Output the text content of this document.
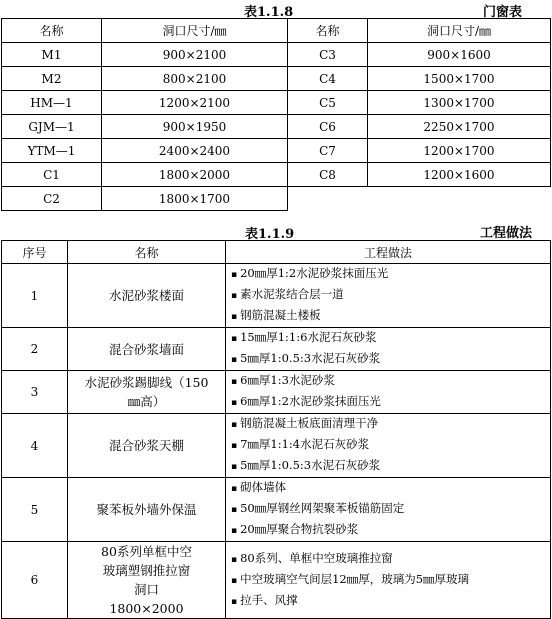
表1.1.8	门窗表
名称	洞口尺寸/㎜	名称	洞口尺寸/㎜
M1	900×2100	C3	900×1600
M2	800×2100	C4	1500×1700
HM—1	1200×2100	C5	1300×1700
GJM—1	900×1950	C6	2250×1700
YTM—1	2400×2400	C7	1200×1700
C1	1800×2000	C8	1200×1600
C2	1800×1700		
表1.1.9	工程做法
序号	名称	工程做法
1	水泥砂浆楼面	▪ 20㎜厚1:2水泥砂浆抹面压光
▪ 素水泥浆结合层一道
▪ 钢筋混凝土楼板

2	混合砂浆墙面	▪ 15㎜厚1:1:6水泥石灰砂浆
▪ 5㎜厚1:0.5:3水泥石灰砂浆

3	水泥砂浆踢脚线（150㎜高）	▪ 6㎜厚1:3水泥砂浆
▪ 6㎜厚1:2水泥砂浆抹面压光

4	混合砂浆天棚	▪ 钢筋混凝土板底面清理干净
▪ 7㎜厚1:1:4水泥石灰砂浆
▪ 5㎜厚1:0.5:3水泥石灰砂浆

5	聚苯板外墙外保温	▪ 砌体墙体
▪ 50㎜厚钢丝网架聚苯板锚筋固定
▪ 20㎜厚聚合物抗裂砂浆

6	80系列单框中空玻璃塑钢推拉窗洞口1800×2000	▪ 80系列、单框中空玻璃推拉窗
▪ 中空玻璃空气间层12㎜厚，玻璃为5㎜厚玻璃
▪ 拉手、风撑
